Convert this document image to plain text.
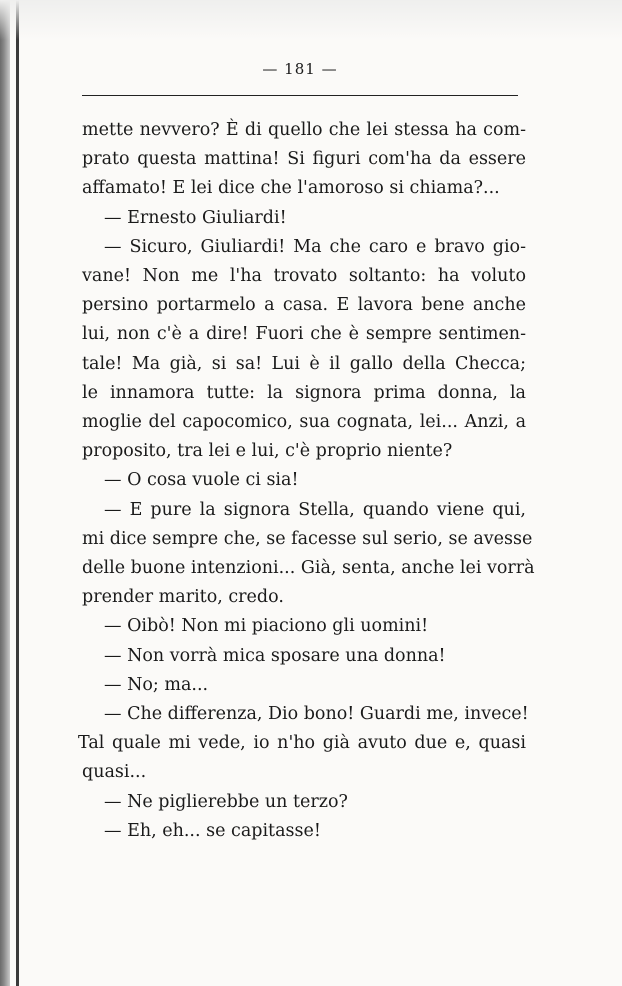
— 181 —
mette nevvero? È di quello che lei stessa ha com-
prato questa mattina! Si figuri com'ha da essere
affamato! E lei dice che l'amoroso si chiama?...
— Ernesto Giuliardi!
— Sicuro, Giuliardi! Ma che caro e bravo gio-
vane! Non me l'ha trovato soltanto: ha voluto
persino portarmelo a casa. E lavora bene anche
lui, non c'è a dire! Fuori che è sempre sentimen-
tale! Ma già, si sa! Lui è il gallo della Checca;
le innamora tutte: la signora prima donna, la
moglie del capocomico, sua cognata, lei... Anzi, a
proposito, tra lei e lui, c'è proprio niente?
— O cosa vuole ci sia!
— E pure la signora Stella, quando viene qui,
mi dice sempre che, se facesse sul serio, se avesse
delle buone intenzioni... Già, senta, anche lei vorrà
prender marito, credo.
— Oibò! Non mi piaciono gli uomini!
— Non vorrà mica sposare una donna!
— No; ma...
— Che differenza, Dio bono! Guardi me, invece!
Tal quale mi vede, io n'ho già avuto due e, quasi
quasi...
— Ne piglierebbe un terzo?
— Eh, eh... se capitasse!
